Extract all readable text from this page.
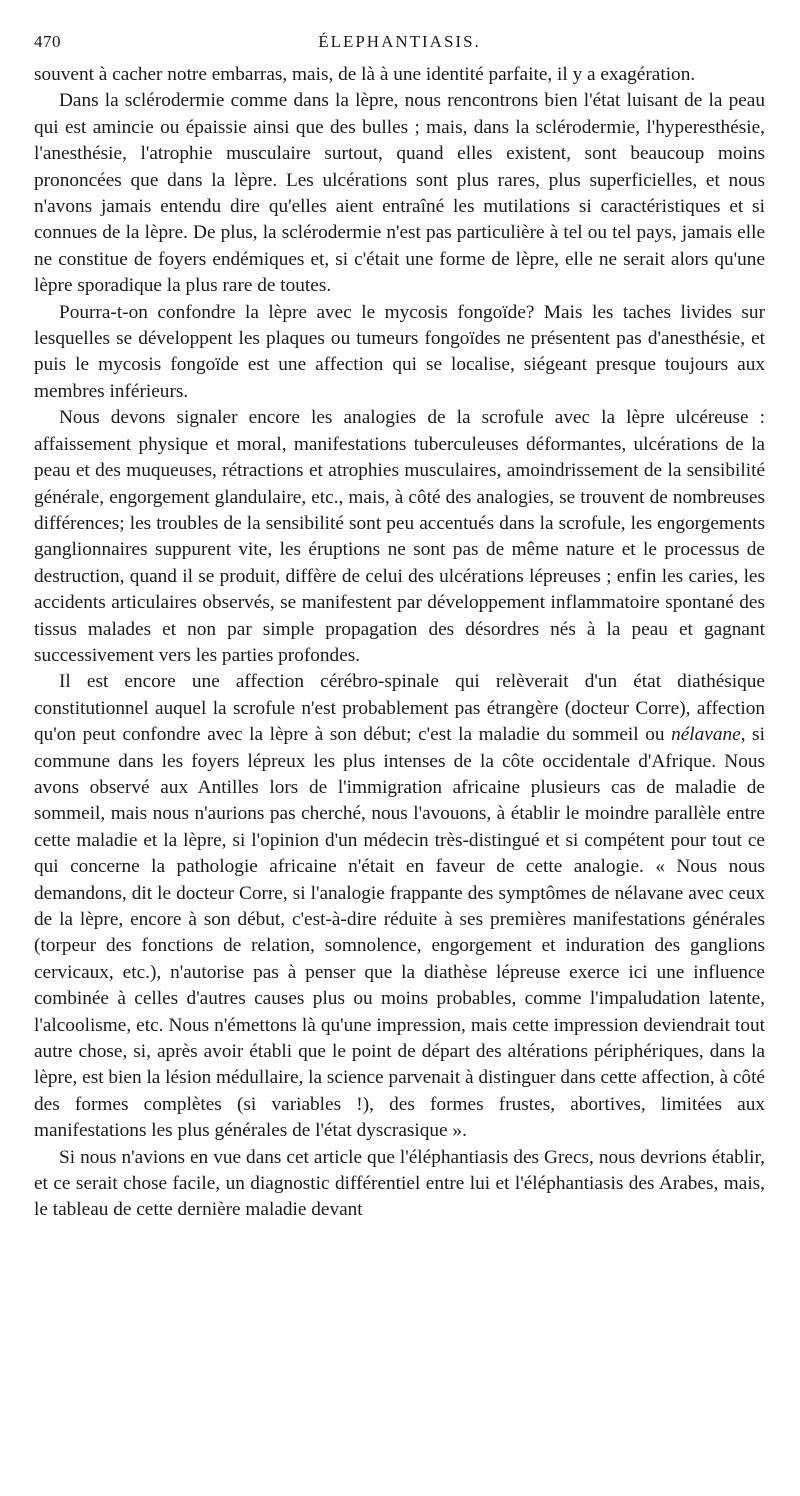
470	ÉLEPHANTIASIS.

souvent à cacher notre embarras, mais, de là à une identité parfaite, il y a exagération.

Dans la sclérodermie comme dans la lèpre, nous rencontrons bien l'état luisant de la peau qui est amincie ou épaissie ainsi que des bulles ; mais, dans la sclérodermie, l'hyperesthésie, l'anesthésie, l'atrophie musculaire surtout, quand elles existent, sont beaucoup moins prononcées que dans la lèpre. Les ulcérations sont plus rares, plus superficielles, et nous n'avons jamais entendu dire qu'elles aient entraîné les mutilations si caractéristiques et si connues de la lèpre. De plus, la sclérodermie n'est pas particulière à tel ou tel pays, jamais elle ne constitue de foyers endémiques et, si c'était une forme de lèpre, elle ne serait alors qu'une lèpre sporadique la plus rare de toutes.

Pourra-t-on confondre la lèpre avec le mycosis fongoïde? Mais les taches livides sur lesquelles se développent les plaques ou tumeurs fongoïdes ne présentent pas d'anesthésie, et puis le mycosis fongoïde est une affection qui se localise, siégeant presque toujours aux membres inférieurs.

Nous devons signaler encore les analogies de la scrofule avec la lèpre ulcéreuse : affaissement physique et moral, manifestations tuberculeuses déformantes, ulcérations de la peau et des muqueuses, rétractions et atrophies musculaires, amoindrissement de la sensibilité générale, engorgement glandulaire, etc., mais, à côté des analogies, se trouvent de nombreuses différences; les troubles de la sensibilité sont peu accentués dans la scrofule, les engorgements ganglionnaires suppurent vite, les éruptions ne sont pas de même nature et le processus de destruction, quand il se produit, diffère de celui des ulcérations lépreuses ; enfin les caries, les accidents articulaires observés, se manifestent par développement inflammatoire spontané des tissus malades et non par simple propagation des désordres nés à la peau et gagnant successivement vers les parties profondes.

Il est encore une affection cérébro-spinale qui relèverait d'un état diathésique constitutionnel auquel la scrofule n'est probablement pas étrangère (docteur Corre), affection qu'on peut confondre avec la lèpre à son début; c'est la maladie du sommeil ou nélavane, si commune dans les foyers lépreux les plus intenses de la côte occidentale d'Afrique. Nous avons observé aux Antilles lors de l'immigration africaine plusieurs cas de maladie de sommeil, mais nous n'aurions pas cherché, nous l'avouons, à établir le moindre parallèle entre cette maladie et la lèpre, si l'opinion d'un médecin très-distingué et si compétent pour tout ce qui concerne la pathologie africaine n'était en faveur de cette analogie. « Nous nous demandons, dit le docteur Corre, si l'analogie frappante des symptômes de nélavane avec ceux de la lèpre, encore à son début, c'est-à-dire réduite à ses premières manifestations générales (torpeur des fonctions de relation, somnolence, engorgement et induration des ganglions cervicaux, etc.), n'autorise pas à penser que la diathèse lépreuse exerce ici une influence combinée à celles d'autres causes plus ou moins probables, comme l'impaludation latente, l'alcoolisme, etc. Nous n'émettons là qu'une impression, mais cette impression deviendrait tout autre chose, si, après avoir établi que le point de départ des altérations périphériques, dans la lèpre, est bien la lésion médullaire, la science parvenait à distinguer dans cette affection, à côté des formes complètes (si variables !), des formes frustes, abortives, limitées aux manifestations les plus générales de l'état dyscrasique ».

Si nous n'avions en vue dans cet article que l'éléphantiasis des Grecs, nous devrions établir, et ce serait chose facile, un diagnostic différentiel entre lui et l'éléphantiasis des Arabes, mais, le tableau de cette dernière maladie devant
